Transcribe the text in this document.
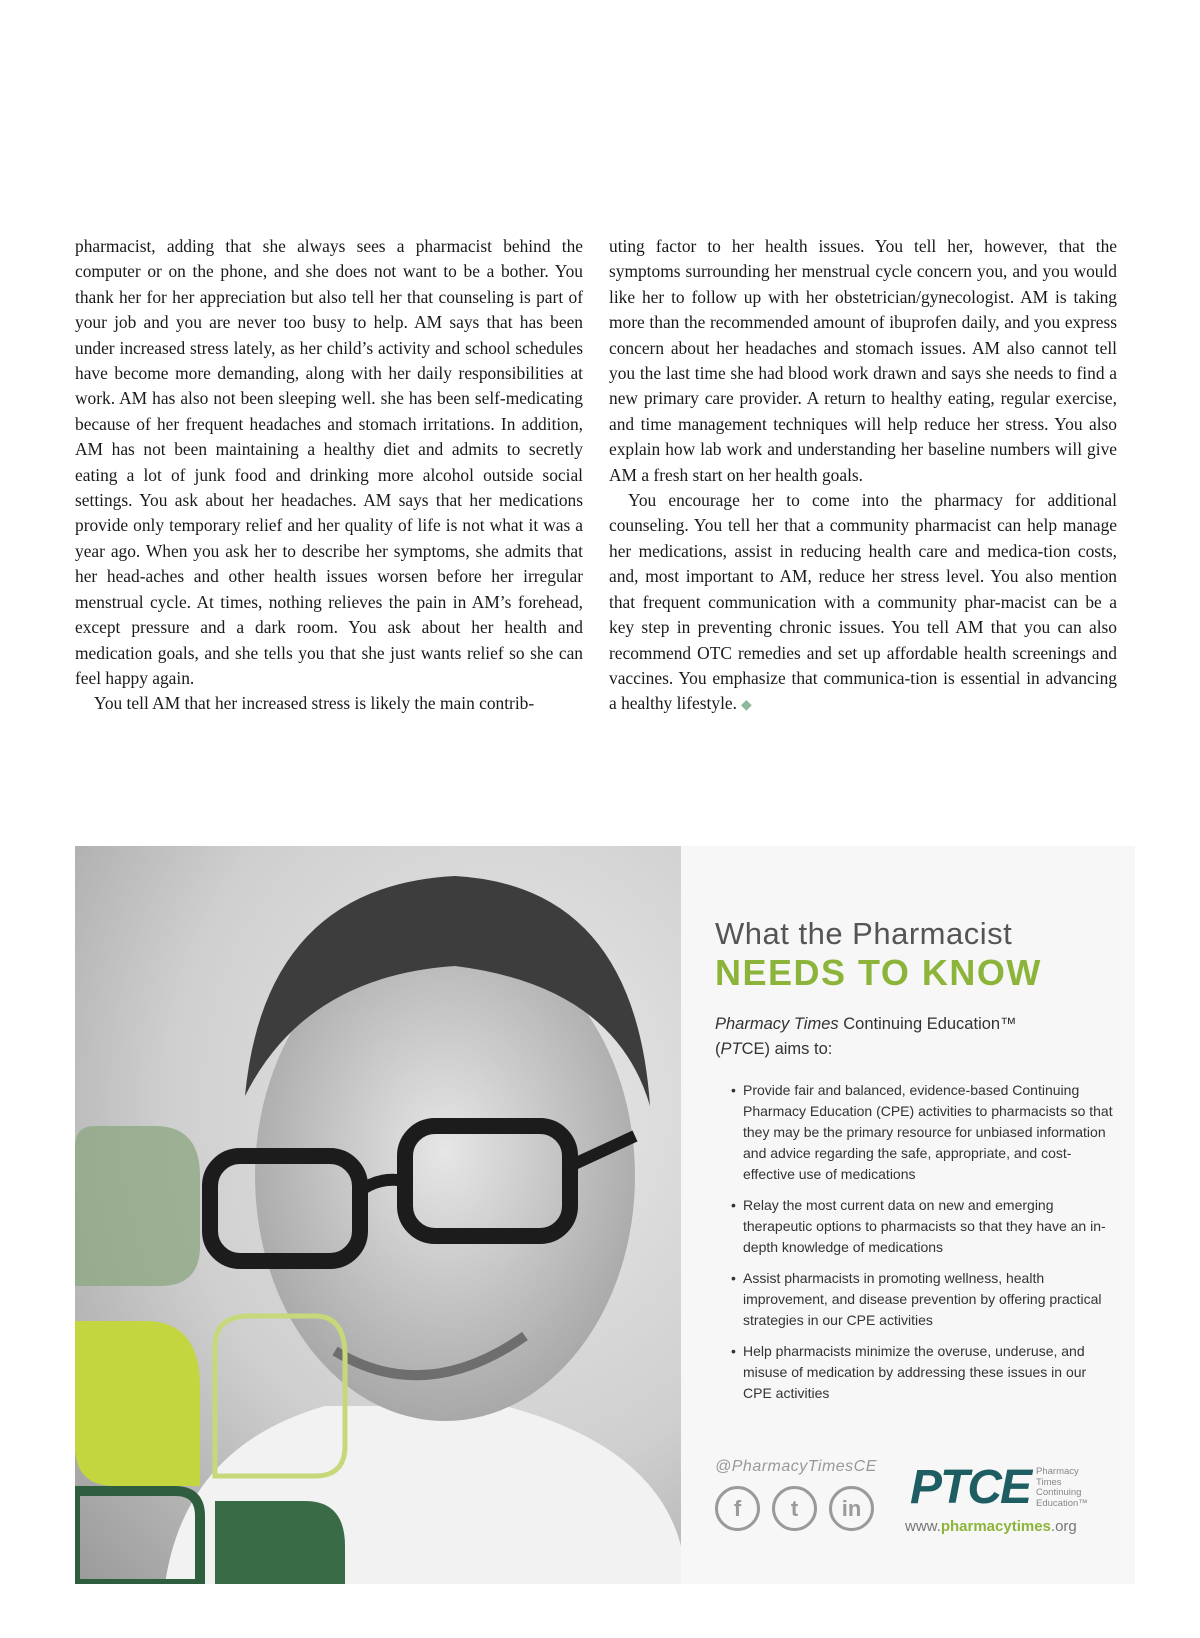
pharmacist, adding that she always sees a pharmacist behind the computer or on the phone, and she does not want to be a bother. You thank her for her appreciation but also tell her that counseling is part of your job and you are never too busy to help. AM says that has been under increased stress lately, as her child’s activity and school schedules have become more demanding, along with her daily responsibilities at work. AM has also not been sleeping well. she has been self-medicating because of her frequent headaches and stomach irritations. In addition, AM has not been maintaining a healthy diet and admits to secretly eating a lot of junk food and drinking more alcohol outside social settings. You ask about her headaches. AM says that her medications provide only temporary relief and her quality of life is not what it was a year ago. When you ask her to describe her symptoms, she admits that her head-aches and other health issues worsen before her irregular menstrual cycle. At times, nothing relieves the pain in AM’s forehead, except pressure and a dark room. You ask about her health and medication goals, and she tells you that she just wants relief so she can feel happy again.

You tell AM that her increased stress is likely the main contrib-

uting factor to her health issues. You tell her, however, that the symptoms surrounding her menstrual cycle concern you, and you would like her to follow up with her obstetrician/gynecologist. AM is taking more than the recommended amount of ibuprofen daily, and you express concern about her headaches and stomach issues. AM also cannot tell you the last time she had blood work drawn and says she needs to find a new primary care provider. A return to healthy eating, regular exercise, and time management techniques will help reduce her stress. You also explain how lab work and understanding her baseline numbers will give AM a fresh start on her health goals.

You encourage her to come into the pharmacy for additional counseling. You tell her that a community pharmacist can help manage her medications, assist in reducing health care and medica-tion costs, and, most important to AM, reduce her stress level. You also mention that frequent communication with a community phar-macist can be a key step in preventing chronic issues. You tell AM that you can also recommend OTC remedies and set up affordable health screenings and vaccines. You emphasize that communica-tion is essential in advancing a healthy lifestyle. ◆

What the Pharmacist
NEEDS TO KNOW
Pharmacy Times Continuing Education™
(PTCE) aims to:
• Provide fair and balanced, evidence-based Continuing Pharmacy Education (CPE) activities to pharmacists so that they may be the primary resource for unbiased information and advice regarding the safe, appropriate, and cost-effective use of medications
• Relay the most current data on new and emerging therapeutic options to pharmacists so that they have an in-depth knowledge of medications
• Assist pharmacists in promoting wellness, health improvement, and disease prevention by offering practical strategies in our CPE activities
• Help pharmacists minimize the overuse, underuse, and misuse of medication by addressing these issues in our CPE activities
@PharmacyTimesCE
f	t	in PTCE Pharmacy
Times
Continuing
Education™
www.pharmacytimes.org
